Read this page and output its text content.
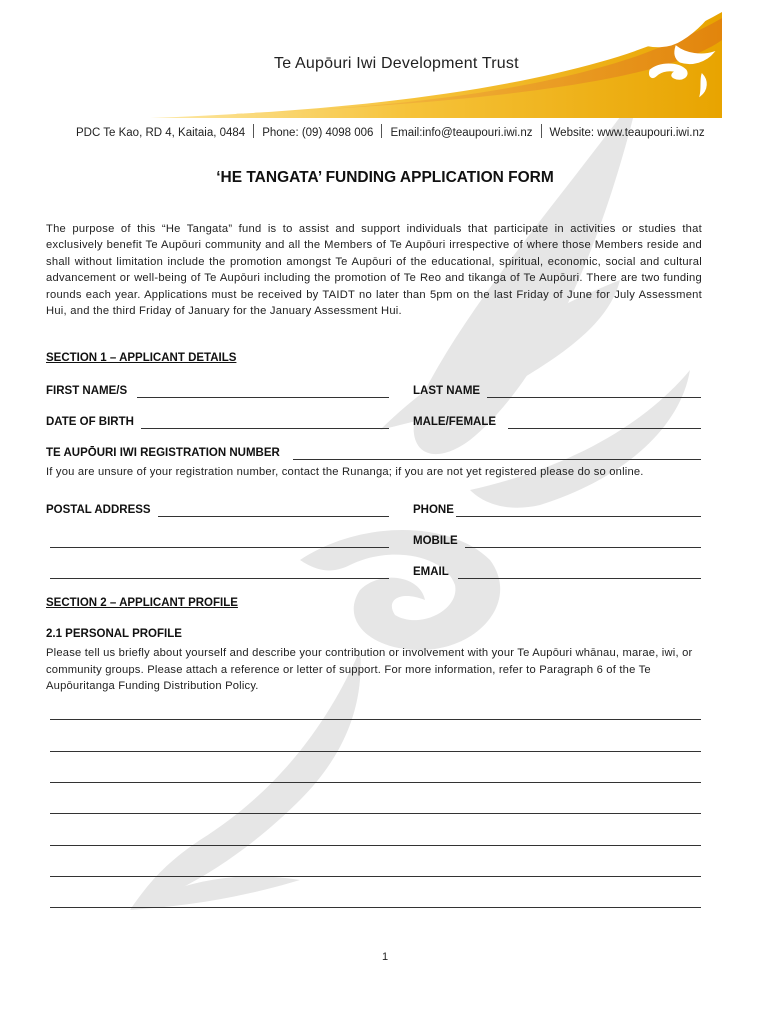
Te Aupōuri Iwi Development Trust
PDC Te Kao, RD 4, Kaitaia, 0484 Phone: (09) 4098 006 Email:info@teaupouri.iwi.nz Website: www.teaupouri.iwi.nz
‘HE TANGATA’ FUNDING APPLICATION FORM
The purpose of this “He Tangata” fund is to assist and support individuals that participate in activities or studies that exclusively benefit Te Aupōuri community and all the Members of Te Aupōuri irrespective of where those Members reside and shall without limitation include the promotion amongst Te Aupōuri of the educational, spiritual, economic, social and cultural advancement or well-being of Te Aupōuri including the promotion of Te Reo and tikanga of Te Aupōuri. There are two funding rounds each year. Applications must be received by TAIDT no later than 5pm on the last Friday of June for July Assessment Hui, and the third Friday of January for the January Assessment Hui.
SECTION 1 – APPLICANT DETAILS
FIRST NAME/S	LAST NAME
DATE OF BIRTH	MALE/FEMALE
TE AUPŌURI IWI REGISTRATION NUMBER
If you are unsure of your registration number, contact the Runanga; if you are not yet registered please do so online.
POSTAL ADDRESS	PHONE
MOBILE
EMAIL
SECTION 2 – APPLICANT PROFILE
2.1 PERSONAL PROFILE
Please tell us briefly about yourself and describe your contribution or involvement with your Te Aupōuri whānau, marae, iwi, or community groups. Please attach a reference or letter of support. For more information, refer to Paragraph 6 of the Te Aupōuritanga Funding Distribution Policy.
1
